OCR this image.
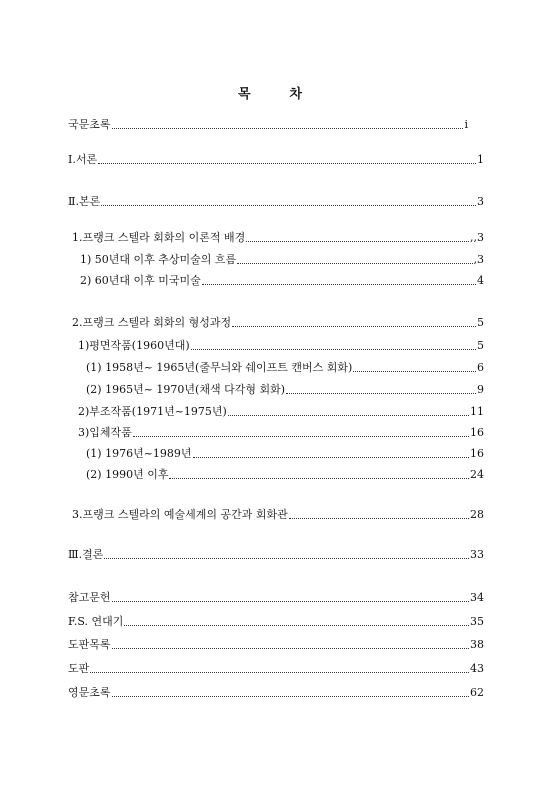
목	차
국문초록	i
Ⅰ.서론	1
Ⅱ.본론	3
1.프랭크 스텔라 회화의 이론적 배경	,,3
1) 50년대 이후 추상미술의 흐름	,3
2) 60년대 이후 미국미술	4
2.프랭크 스텔라 회화의 형성과정	5
1)평면작품(1960년대)	5
(1) 1958년~ 1965년(줄무늬와 쉐이프트 캔버스 회화)	6
(2) 1965년~ 1970년(채색 다각형 회화)	9
2)부조작품(1971년~1975년)	11
3)입체작품	16
(1) 1976년~1989년	16
(2) 1990년 이후	24
3.프랭크 스텔라의 예술세계의 공간과 회화관	28
Ⅲ.결론	33
참고문헌	34
F.S. 연대기	35
도판목록	38
도판	43
영문초록	62
